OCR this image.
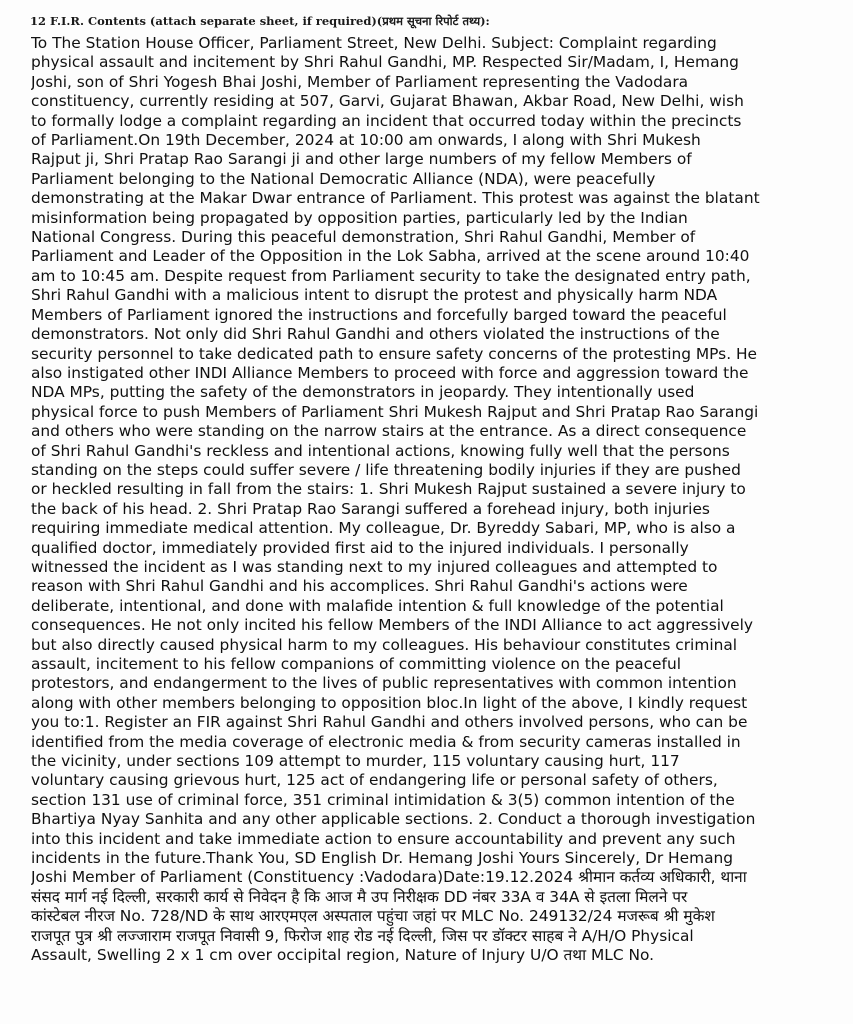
12 F.I.R. Contents (attach separate sheet, if required)(प्रथम सूचना रिपोर्ट तथ्य):
To The Station House Officer, Parliament Street, New Delhi. Subject: Complaint regarding
physical assault and incitement by Shri Rahul Gandhi, MP. Respected Sir/Madam, I, Hemang
Joshi, son of Shri Yogesh Bhai Joshi, Member of Parliament representing the Vadodara
constituency, currently residing at 507, Garvi, Gujarat Bhawan, Akbar Road, New Delhi, wish
to formally lodge a complaint regarding an incident that occurred today within the precincts
of Parliament.On 19th December, 2024 at 10:00 am onwards, I along with Shri Mukesh
Rajput ji, Shri Pratap Rao Sarangi ji and other large numbers of my fellow Members of
Parliament belonging to the National Democratic Alliance (NDA), were peacefully
demonstrating at the Makar Dwar entrance of Parliament. This protest was against the blatant
misinformation being propagated by opposition parties, particularly led by the Indian
National Congress. During this peaceful demonstration, Shri Rahul Gandhi, Member of
Parliament and Leader of the Opposition in the Lok Sabha, arrived at the scene around 10:40
am to 10:45 am. Despite request from Parliament security to take the designated entry path,
Shri Rahul Gandhi with a malicious intent to disrupt the protest and physically harm NDA
Members of Parliament ignored the instructions and forcefully barged toward the peaceful
demonstrators. Not only did Shri Rahul Gandhi and others violated the instructions of the
security personnel to take dedicated path to ensure safety concerns of the protesting MPs. He
also instigated other INDI Alliance Members to proceed with force and aggression toward the
NDA MPs, putting the safety of the demonstrators in jeopardy. They intentionally used
physical force to push Members of Parliament Shri Mukesh Rajput and Shri Pratap Rao Sarangi
and others who were standing on the narrow stairs at the entrance. As a direct consequence
of Shri Rahul Gandhi's reckless and intentional actions, knowing fully well that the persons
standing on the steps could suffer severe / life threatening bodily injuries if they are pushed
or heckled resulting in fall from the stairs: 1. Shri Mukesh Rajput sustained a severe injury to
the back of his head. 2. Shri Pratap Rao Sarangi suffered a forehead injury, both injuries
requiring immediate medical attention. My colleague, Dr. Byreddy Sabari, MP, who is also a
qualified doctor, immediately provided first aid to the injured individuals. I personally
witnessed the incident as I was standing next to my injured colleagues and attempted to
reason with Shri Rahul Gandhi and his accomplices. Shri Rahul Gandhi's actions were
deliberate, intentional, and done with malafide intention & full knowledge of the potential
consequences. He not only incited his fellow Members of the INDI Alliance to act aggressively
but also directly caused physical harm to my colleagues. His behaviour constitutes criminal
assault, incitement to his fellow companions of committing violence on the peaceful
protestors, and endangerment to the lives of public representatives with common intention
along with other members belonging to opposition bloc.In light of the above, I kindly request
you to:1. Register an FIR against Shri Rahul Gandhi and others involved persons, who can be
identified from the media coverage of electronic media & from security cameras installed in
the vicinity, under sections 109 attempt to murder, 115 voluntary causing hurt, 117
voluntary causing grievous hurt, 125 act of endangering life or personal safety of others,
section 131 use of criminal force, 351 criminal intimidation & 3(5) common intention of the
Bhartiya Nyay Sanhita and any other applicable sections. 2. Conduct a thorough investigation
into this incident and take immediate action to ensure accountability and prevent any such
incidents in the future.Thank You, SD English Dr. Hemang Joshi Yours Sincerely, Dr Hemang
Joshi Member of Parliament (Constituency :Vadodara)Date:19.12.2024 श्रीमान कर्तव्य अधिकारी, थाना
संसद मार्ग नई दिल्ली, सरकारी कार्य से निवेदन है कि आज मै उप निरीक्षक DD नंबर 33A व 34A से इतला मिलने पर
कांस्टेबल नीरज No. 728/ND के साथ आरएमएल अस्पताल पहुंचा जहां पर MLC No. 249132/24 मजरूब श्री मुकेश
राजपूत पुत्र श्री लज्जाराम राजपूत निवासी 9, फिरोज शाह रोड नई दिल्ली, जिस पर डॉक्टर साहब ने A/H/O Physical
Assault, Swelling 2 x 1 cm over occipital region, Nature of Injury U/O तथा MLC No.
